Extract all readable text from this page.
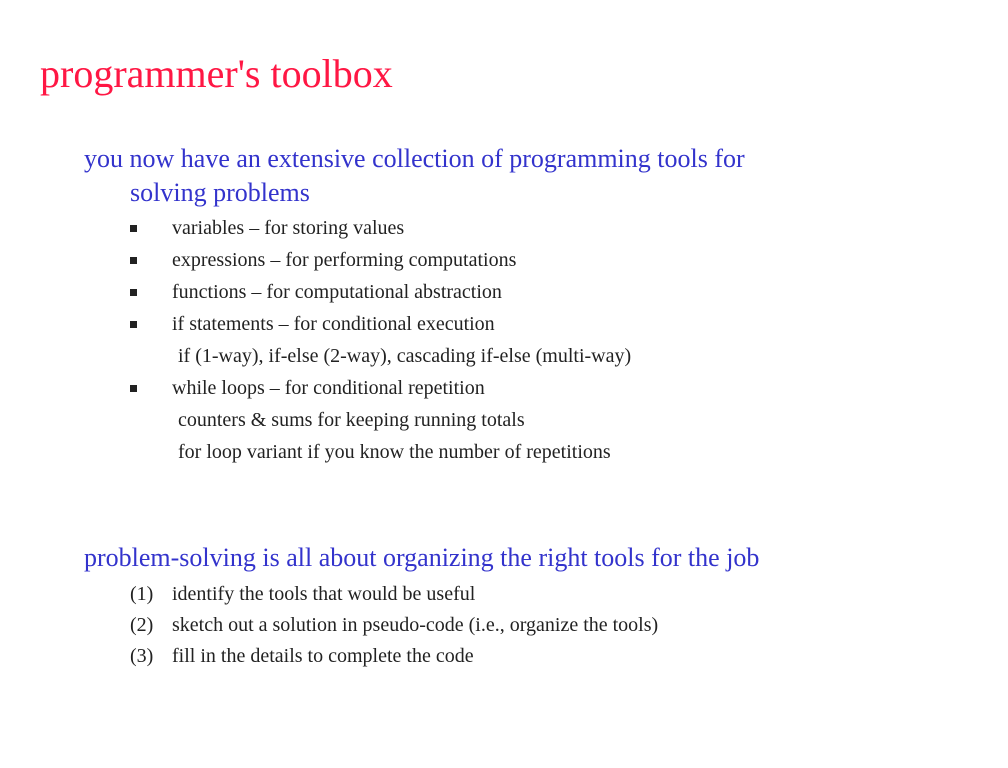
programmer's toolbox
you now have an extensive collection of programming tools for
solving problems
variables – for storing values
expressions – for performing computations
functions – for computational abstraction
if statements – for conditional execution
if (1-way), if-else (2-way), cascading if-else (multi-way)
while loops – for conditional repetition
counters & sums for keeping running totals
for loop variant if you know the number of repetitions
problem-solving is all about organizing the right tools for the job
(1) identify the tools that would be useful
(2) sketch out a solution in pseudo-code (i.e., organize the tools)
(3) fill in the details to complete the code
